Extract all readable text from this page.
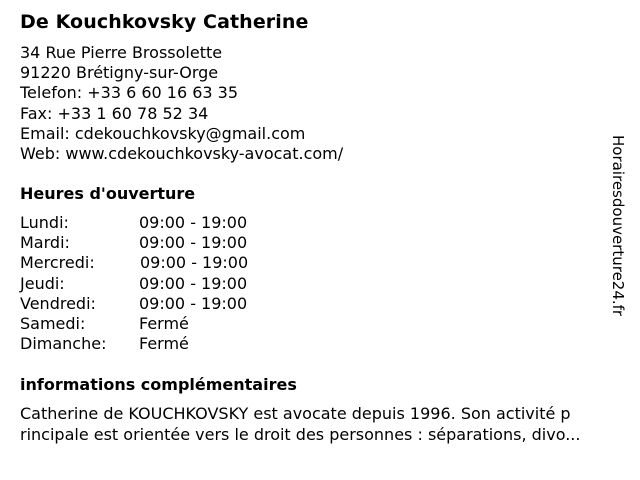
De Kouchkovsky Catherine
34 Rue Pierre Brossolette
91220 Brétigny-sur-Orge
Telefon: +33 6 60 16 63 35
Fax: +33 1 60 78 52 34
Email: cdekouchkovsky@gmail.com
Web: www.cdekouchkovsky-avocat.com/
Heures d'ouverture
Lundi:	09:00 - 19:00
Mardi:	09:00 - 19:00
Mercredi:	09:00 - 19:00
Jeudi:	09:00 - 19:00
Vendredi:	09:00 - 19:00
Samedi:	Fermé
Dimanche: Fermé
informations complémentaires
Catherine de KOUCHKOVSKY est avocate depuis 1996. Son activité p
rincipale est orientée vers le droit des personnes : séparations, divo...
Horairesdouverture24.fr
